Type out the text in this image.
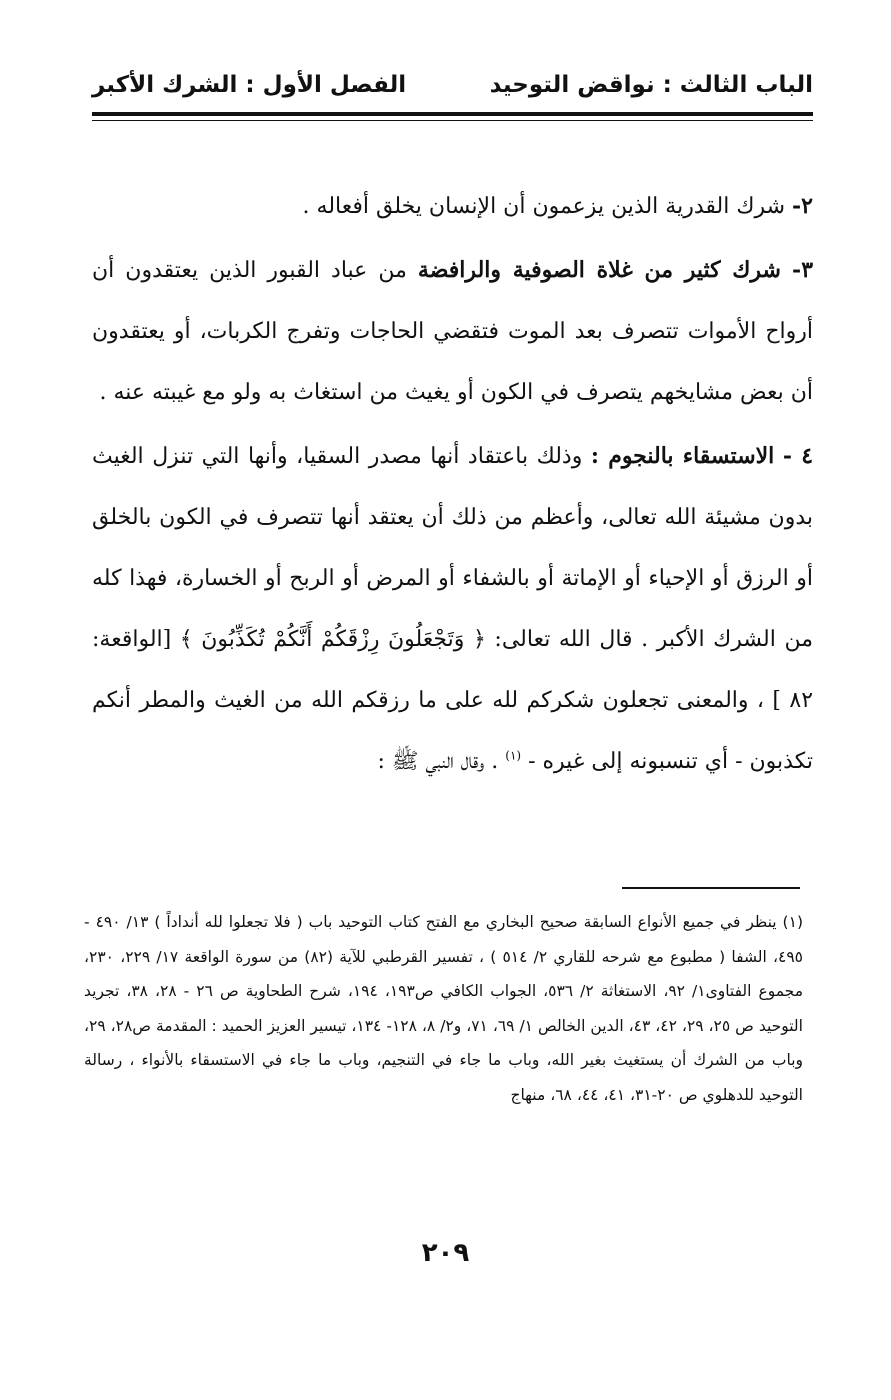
الباب الثالث : نواقض التوحيد
الفصل الأول : الشرك الأكبر

٢- شرك القدرية الذين يزعمون أن الإنسان يخلق أفعاله .

٣- شرك كثير من غلاة الصوفية والرافضة من عباد القبور الذين يعتقدون أن أرواح الأموات تتصرف بعد الموت فتقضي الحاجات وتفرج الكربات، أو يعتقدون أن بعض مشايخهم يتصرف في الكون أو يغيث من استغاث به ولو مع غيبته عنه .

٤ - الاستسقاء بالنجوم : وذلك باعتقاد أنها مصدر السقيا، وأنها التي تنزل الغيث بدون مشيئة الله تعالى، وأعظم من ذلك أن يعتقد أنها تتصرف في الكون بالخلق أو الرزق أو الإحياء أو الإماتة أو بالشفاء أو المرض أو الربح أو الخسارة، فهذا كله من الشرك الأكبر . قال الله تعالى: ﴿ وَتَجْعَلُونَ رِزْقَكُمْ أَنَّكُمْ تُكَذِّبُونَ ﴾ [الواقعة: ٨٢ ] ، والمعنى تجعلون شكركم لله على ما رزقكم الله من الغيث والمطر أنكم تكذبون - أي تنسبونه إلى غيره - $^{(١)}$ . وقال النبي ﷺ :

(١) ينظر في جميع الأنواع السابقة صحيح البخاري مع الفتح كتاب التوحيد باب ( فلا تجعلوا لله أنداداً ) ١٣/ ٤٩٠ - ٤٩٥، الشفا ( مطبوع مع شرحه للقاري ٢/ ٥١٤ ) ، تفسير القرطبي للآية (٨٢) من سورة الواقعة ١٧/ ٢٢٩، ٢٣٠، مجموع الفتاوى١/ ٩٢، الاستغاثة ٢/ ٥٣٦، الجواب الكافي ص١٩٣، ١٩٤، شرح الطحاوية ص ٢٦ - ٢٨، ٣٨، تجريد التوحيد ص ٢٥، ٢٩، ٤٢، ٤٣، الدين الخالص ١/ ٦٩، ٧١، و٢/ ٨، ١٢٨- ١٣٤، تيسير العزيز الحميد : المقدمة ص٢٨، ٢٩، وباب من الشرك أن يستغيث بغير الله، وباب ما جاء في التنجيم، وباب ما جاء في الاستسقاء بالأنواء ، رسالة التوحيد للدهلوي ص ٢٠-٣١، ٤١، ٤٤، ٦٨، منهاج

٢٠٩
